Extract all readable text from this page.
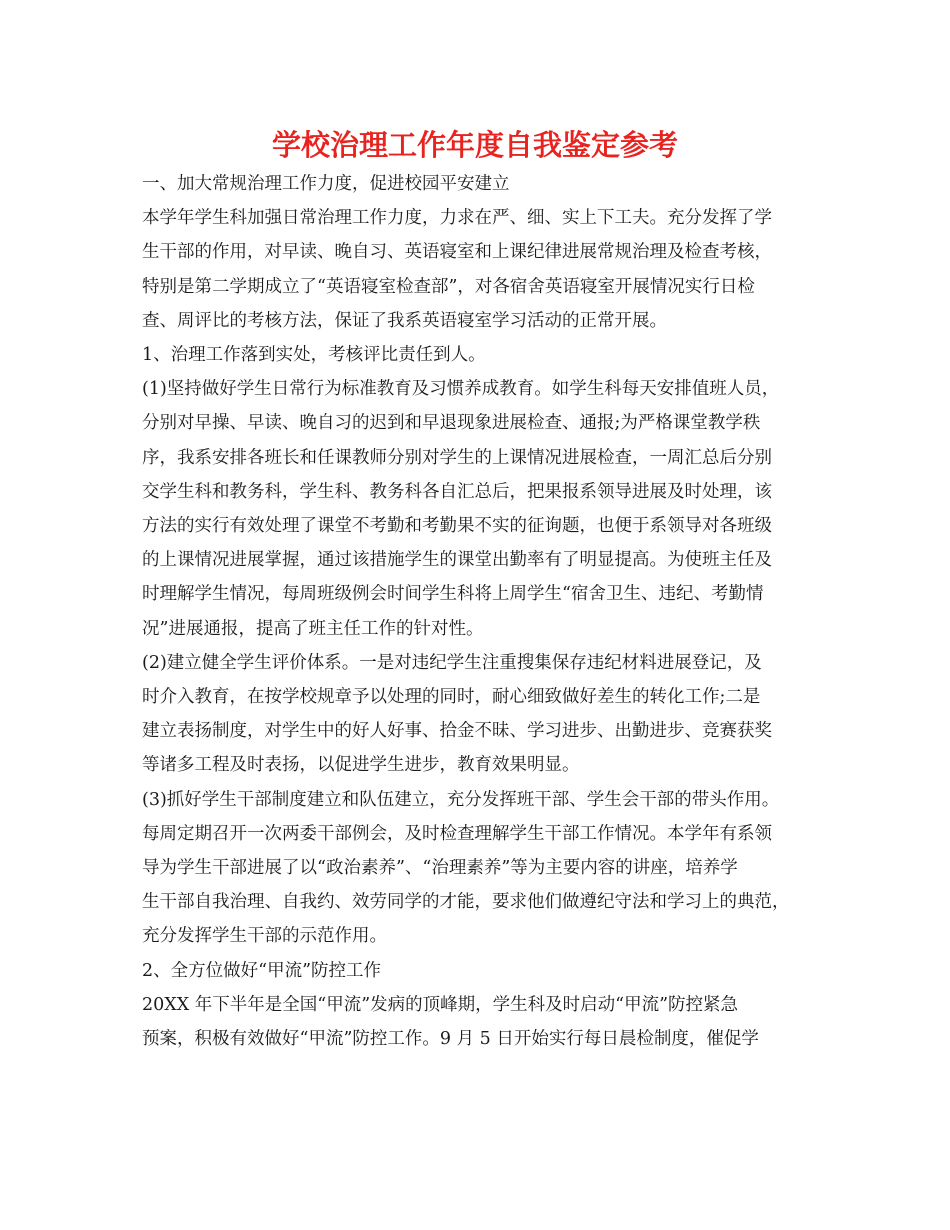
学校治理工作年度自我鉴定参考
一、加大常规治理工作力度，促进校园平安建立
本学年学生科加强日常治理工作力度，力求在严、细、实上下工夫。充分发挥了学
生干部的作用，对早读、晚自习、英语寝室和上课纪律进展常规治理及检查考核，
特别是第二学期成立了“英语寝室检查部”，对各宿舍英语寝室开展情况实行日检
查、周评比的考核方法，保证了我系英语寝室学习活动的正常开展。
1、治理工作落到实处，考核评比责任到人。
(1)坚持做好学生日常行为标准教育及习惯养成教育。如学生科每天安排值班人员，
分别对早操、早读、晚自习的迟到和早退现象进展检查、通报;为严格课堂教学秩
序，我系安排各班长和任课教师分别对学生的上课情况进展检查，一周汇总后分别
交学生科和教务科，学生科、教务科各自汇总后，把果报系领导进展及时处理，该
方法的实行有效处理了课堂不考勤和考勤果不实的征询题，也便于系领导对各班级
的上课情况进展掌握，通过该措施学生的课堂出勤率有了明显提高。为使班主任及
时理解学生情况，每周班级例会时间学生科将上周学生“宿舍卫生、违纪、考勤情
况”进展通报，提高了班主任工作的针对性。
(2)建立健全学生评价体系。一是对违纪学生注重搜集保存违纪材料进展登记，及
时介入教育，在按学校规章予以处理的同时，耐心细致做好差生的转化工作;二是
建立表扬制度，对学生中的好人好事、拾金不昧、学习进步、出勤进步、竞赛获奖
等诸多工程及时表扬，以促进学生进步，教育效果明显。
(3)抓好学生干部制度建立和队伍建立，充分发挥班干部、学生会干部的带头作用。
每周定期召开一次两委干部例会，及时检查理解学生干部工作情况。本学年有系领
导为学生干部进展了以“政治素养”、“治理素养”等为主要内容的讲座，培养学
生干部自我治理、自我约、效劳同学的才能，要求他们做遵纪守法和学习上的典范，
充分发挥学生干部的示范作用。
2、全方位做好“甲流”防控工作
20XX 年下半年是全国“甲流”发病的顶峰期，学生科及时启动“甲流”防控紧急
预案，积极有效做好“甲流”防控工作。9 月 5 日开始实行每日晨检制度，催促学
